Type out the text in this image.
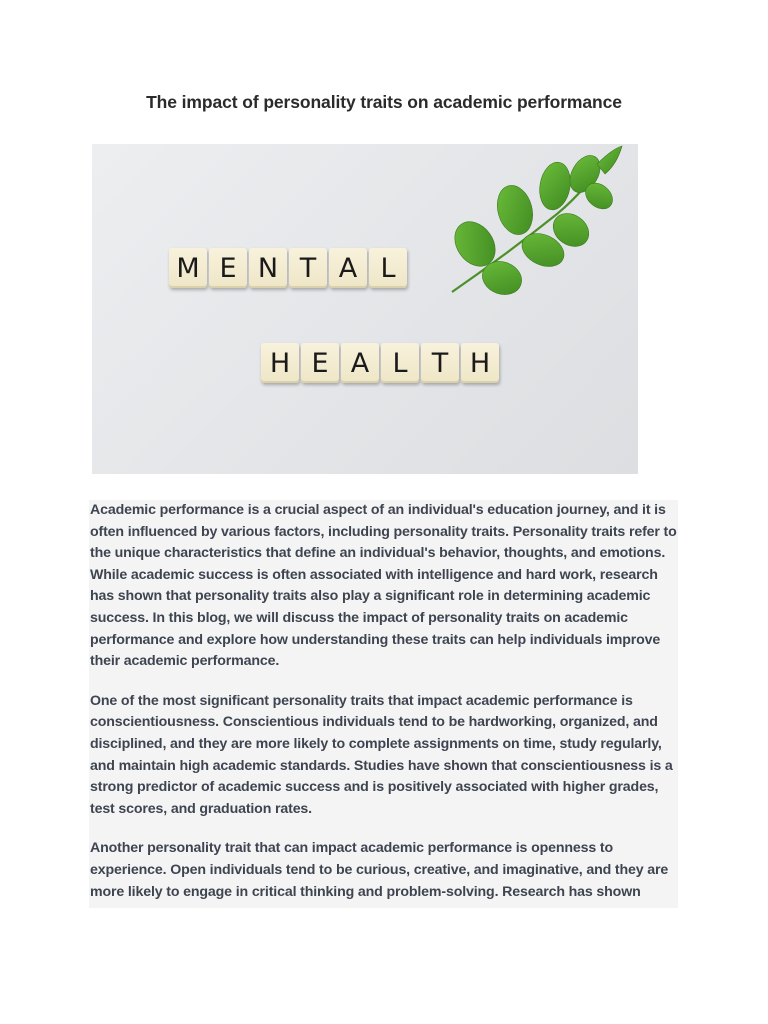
The impact of personality traits on academic performance
M E N T A L
H E A L T H

Academic performance is a crucial aspect of an individual's education journey, and it is often influenced by various factors, including personality traits. Personality traits refer to the unique characteristics that define an individual's behavior, thoughts, and emotions. While academic success is often associated with intelligence and hard work, research has shown that personality traits also play a significant role in determining academic success. In this blog, we will discuss the impact of personality traits on academic performance and explore how understanding these traits can help individuals improve their academic performance.

One of the most significant personality traits that impact academic performance is conscientiousness. Conscientious individuals tend to be hardworking, organized, and disciplined, and they are more likely to complete assignments on time, study regularly, and maintain high academic standards. Studies have shown that conscientiousness is a strong predictor of academic success and is positively associated with higher grades, test scores, and graduation rates.

Another personality trait that can impact academic performance is openness to experience. Open individuals tend to be curious, creative, and imaginative, and they are more likely to engage in critical thinking and problem-solving. Research has shown
